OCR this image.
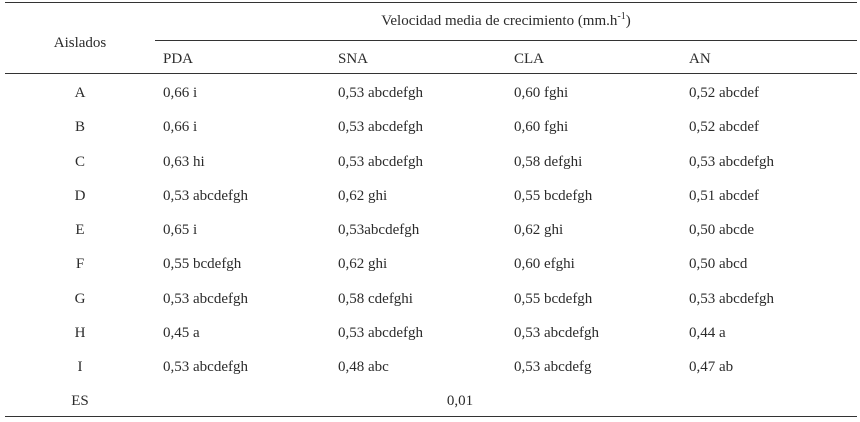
Aislados
Velocidad media de crecimiento $(mm.h^{-1})$
PDA	SNA	CLA	AN
A	0,66 i	0,53 abcdefgh	0,60 fghi	0,52 abcdef
B	0,66 i	0,53 abcdefgh	0,60 fghi	0,52 abcdef
C	0,63 hi	0,53 abcdefgh	0,58 defghi	0,53 abcdefgh
D	0,53 abcdefgh	0,62 ghi	0,55 bcdefgh	0,51 abcdef
E	0,65 i	0,53abcdefgh	0,62 ghi	0,50 abcde
F	0,55 bcdefgh	0,62 ghi	0,60 efghi	0,50 abcd
G	0,53 abcdefgh	0,58 cdefghi	0,55 bcdefgh	0,53 abcdefgh
H	0,45 a	0,53 abcdefgh	0,53 abcdefgh	0,44 a
I	0,53 abcdefgh	0,48 abc	0,53 abcdefg	0,47 ab
ES	0,01
